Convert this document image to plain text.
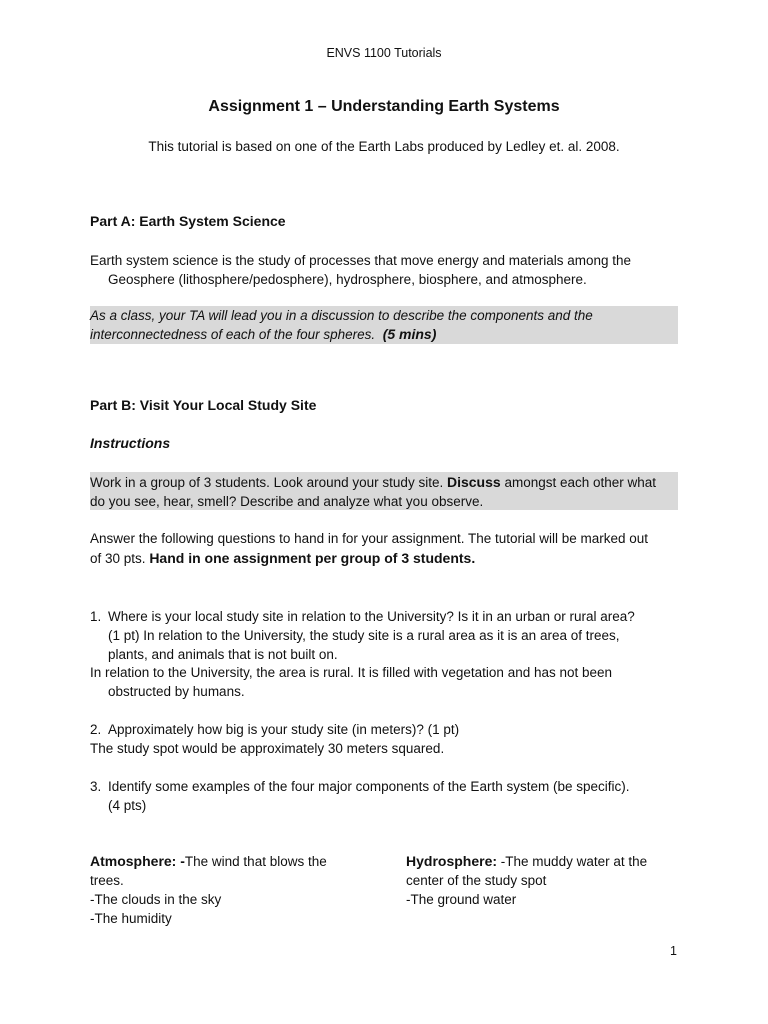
ENVS 1100 Tutorials
Assignment 1 – Understanding Earth Systems
This tutorial is based on one of the Earth Labs produced by Ledley et. al. 2008.
Part A: Earth System Science
Earth system science is the study of processes that move energy and materials among the
Geosphere (lithosphere/pedosphere), hydrosphere, biosphere, and atmosphere.
As a class, your TA will lead you in a discussion to describe the components and the
interconnectedness of each of the four spheres. (5 mins)
Part B: Visit Your Local Study Site
Instructions
Work in a group of 3 students. Look around your study site. Discuss amongst each other what
do you see, hear, smell? Describe and analyze what you observe.
Answer the following questions to hand in for your assignment. The tutorial will be marked out
of 30 pts. Hand in one assignment per group of 3 students.
1. Where is your local study site in relation to the University? Is it in an urban or rural area?
(1 pt) In relation to the University, the study site is a rural area as it is an area of trees,
plants, and animals that is not built on.
In relation to the University, the area is rural. It is filled with vegetation and has not been
obstructed by humans.
2. Approximately how big is your study site (in meters)? (1 pt)
The study spot would be approximately 30 meters squared.
3. Identify some examples of the four major components of the Earth system (be specific).
(4 pts)
Atmosphere: -The wind that blows the
trees.
-The clouds in the sky
-The humidity
Hydrosphere: -The muddy water at the
center of the study spot
-The ground water
1
